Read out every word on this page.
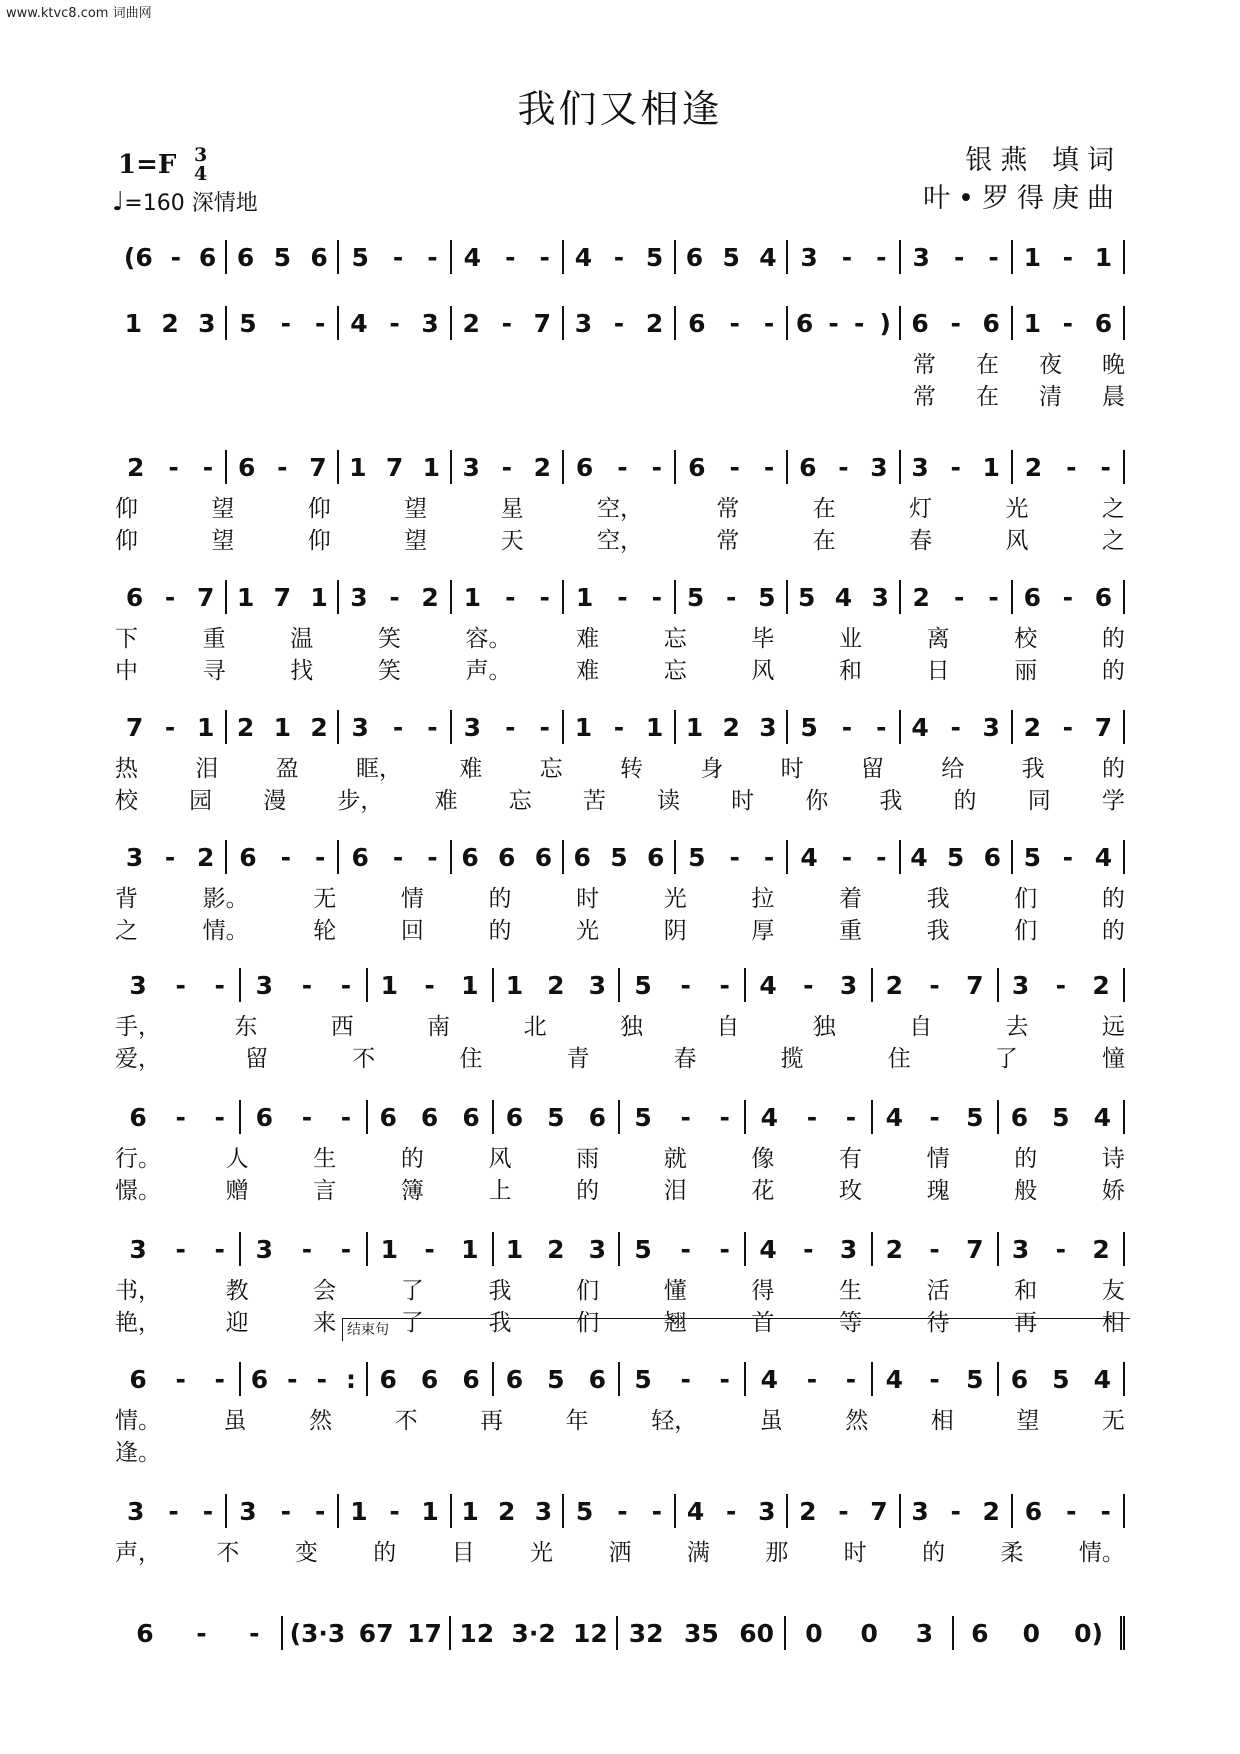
www.ktvc8.com 词曲网
我们又相逢
1=F 3
4
♩=160 深情地
银燕 填词
叶•罗得庚曲
结束句
(6 - 6 6 5 6 5 - - 4 - - 4 - 5 6 5 4 3 - - 3 - - 1 - 1
1 2 3 5 - - 4 - 3 2 - 7 3 - 2 6 - - 6 - - ) 6 - 6 1 - 6
常 在 夜 晚
常 在 清 晨
2 - - 6 - 7 1 7 1 3 - 2 6 - - 6 - - 6 - 3 3 - 1 2 - -
仰	望	仰	望	星	空，	常	在	灯	光	之
仰	望	仰	望	天	空，	常	在	春	风	之
6 - 7 1 7 1 3 - 2 1 - - 1 - - 5 - 5 5 4 3 2 - - 6 - 6
下	重	温	笑	容。	难	忘	毕	业	离	校	的
中	寻	找	笑	声。	难	忘	风	和	日	丽	的
7 - 1 2 1 2 3 - - 3 - - 1 - 1 1 2 3 5 - - 4 - 3 2 - 7
热 泪 盈 眶， 难 忘 转 身 时 留 给 我 的
校 园 漫 步， 难 忘 苦 读 时 你 我 的 同 学
3 - 2 6 - - 6 - - 6 6 6 6 5 6 5 - - 4 - - 4 5 6 5 - 4
背	影。	无	情	的	时	光	拉	着	我	们	的
之	情。	轮	回	的	光	阴	厚	重	我	们	的
3 - - 3 - - 1 - 1 1 2 3 5 - - 4 - 3 2 - 7 3 - 2
手，	东	西	南	北	独	自	独	自	去	远
爱，	留	不	住	青	春	揽	住	了	憧
6 - - 6 - - 6 6 6 6 5 6 5 - - 4 - - 4 - 5 6 5 4
行。	人	生	的	风	雨	就	像	有	情	的	诗
憬。	赠	言	簿	上	的	泪	花	玫	瑰	般	娇
3 - - 3 - - 1 - 1 1 2 3 5 - - 4 - 3 2 - 7 3 - 2
书，	教	会	了	我	们	懂	得	生	活	和	友
艳，	迎	来	了	我	们	翘	首	等	待	再	相
6 - - 6 - - : 6 6 6 6 5 6 5 - - 4 - - 4 - 5 6 5 4
情。	虽	然	不	再	年	轻，	虽	然	相	望	无
逢。
3 - - 3 - - 1 - 1 1 2 3 5 - - 4 - 3 2 - 7 3 - 2 6 - -
声， 不 变 的 目 光 洒 满 那 时 的 柔 情。
6 - - (3·3 67 17 12 3·2 12 32 35 60 0 0 3 6 0 0)
